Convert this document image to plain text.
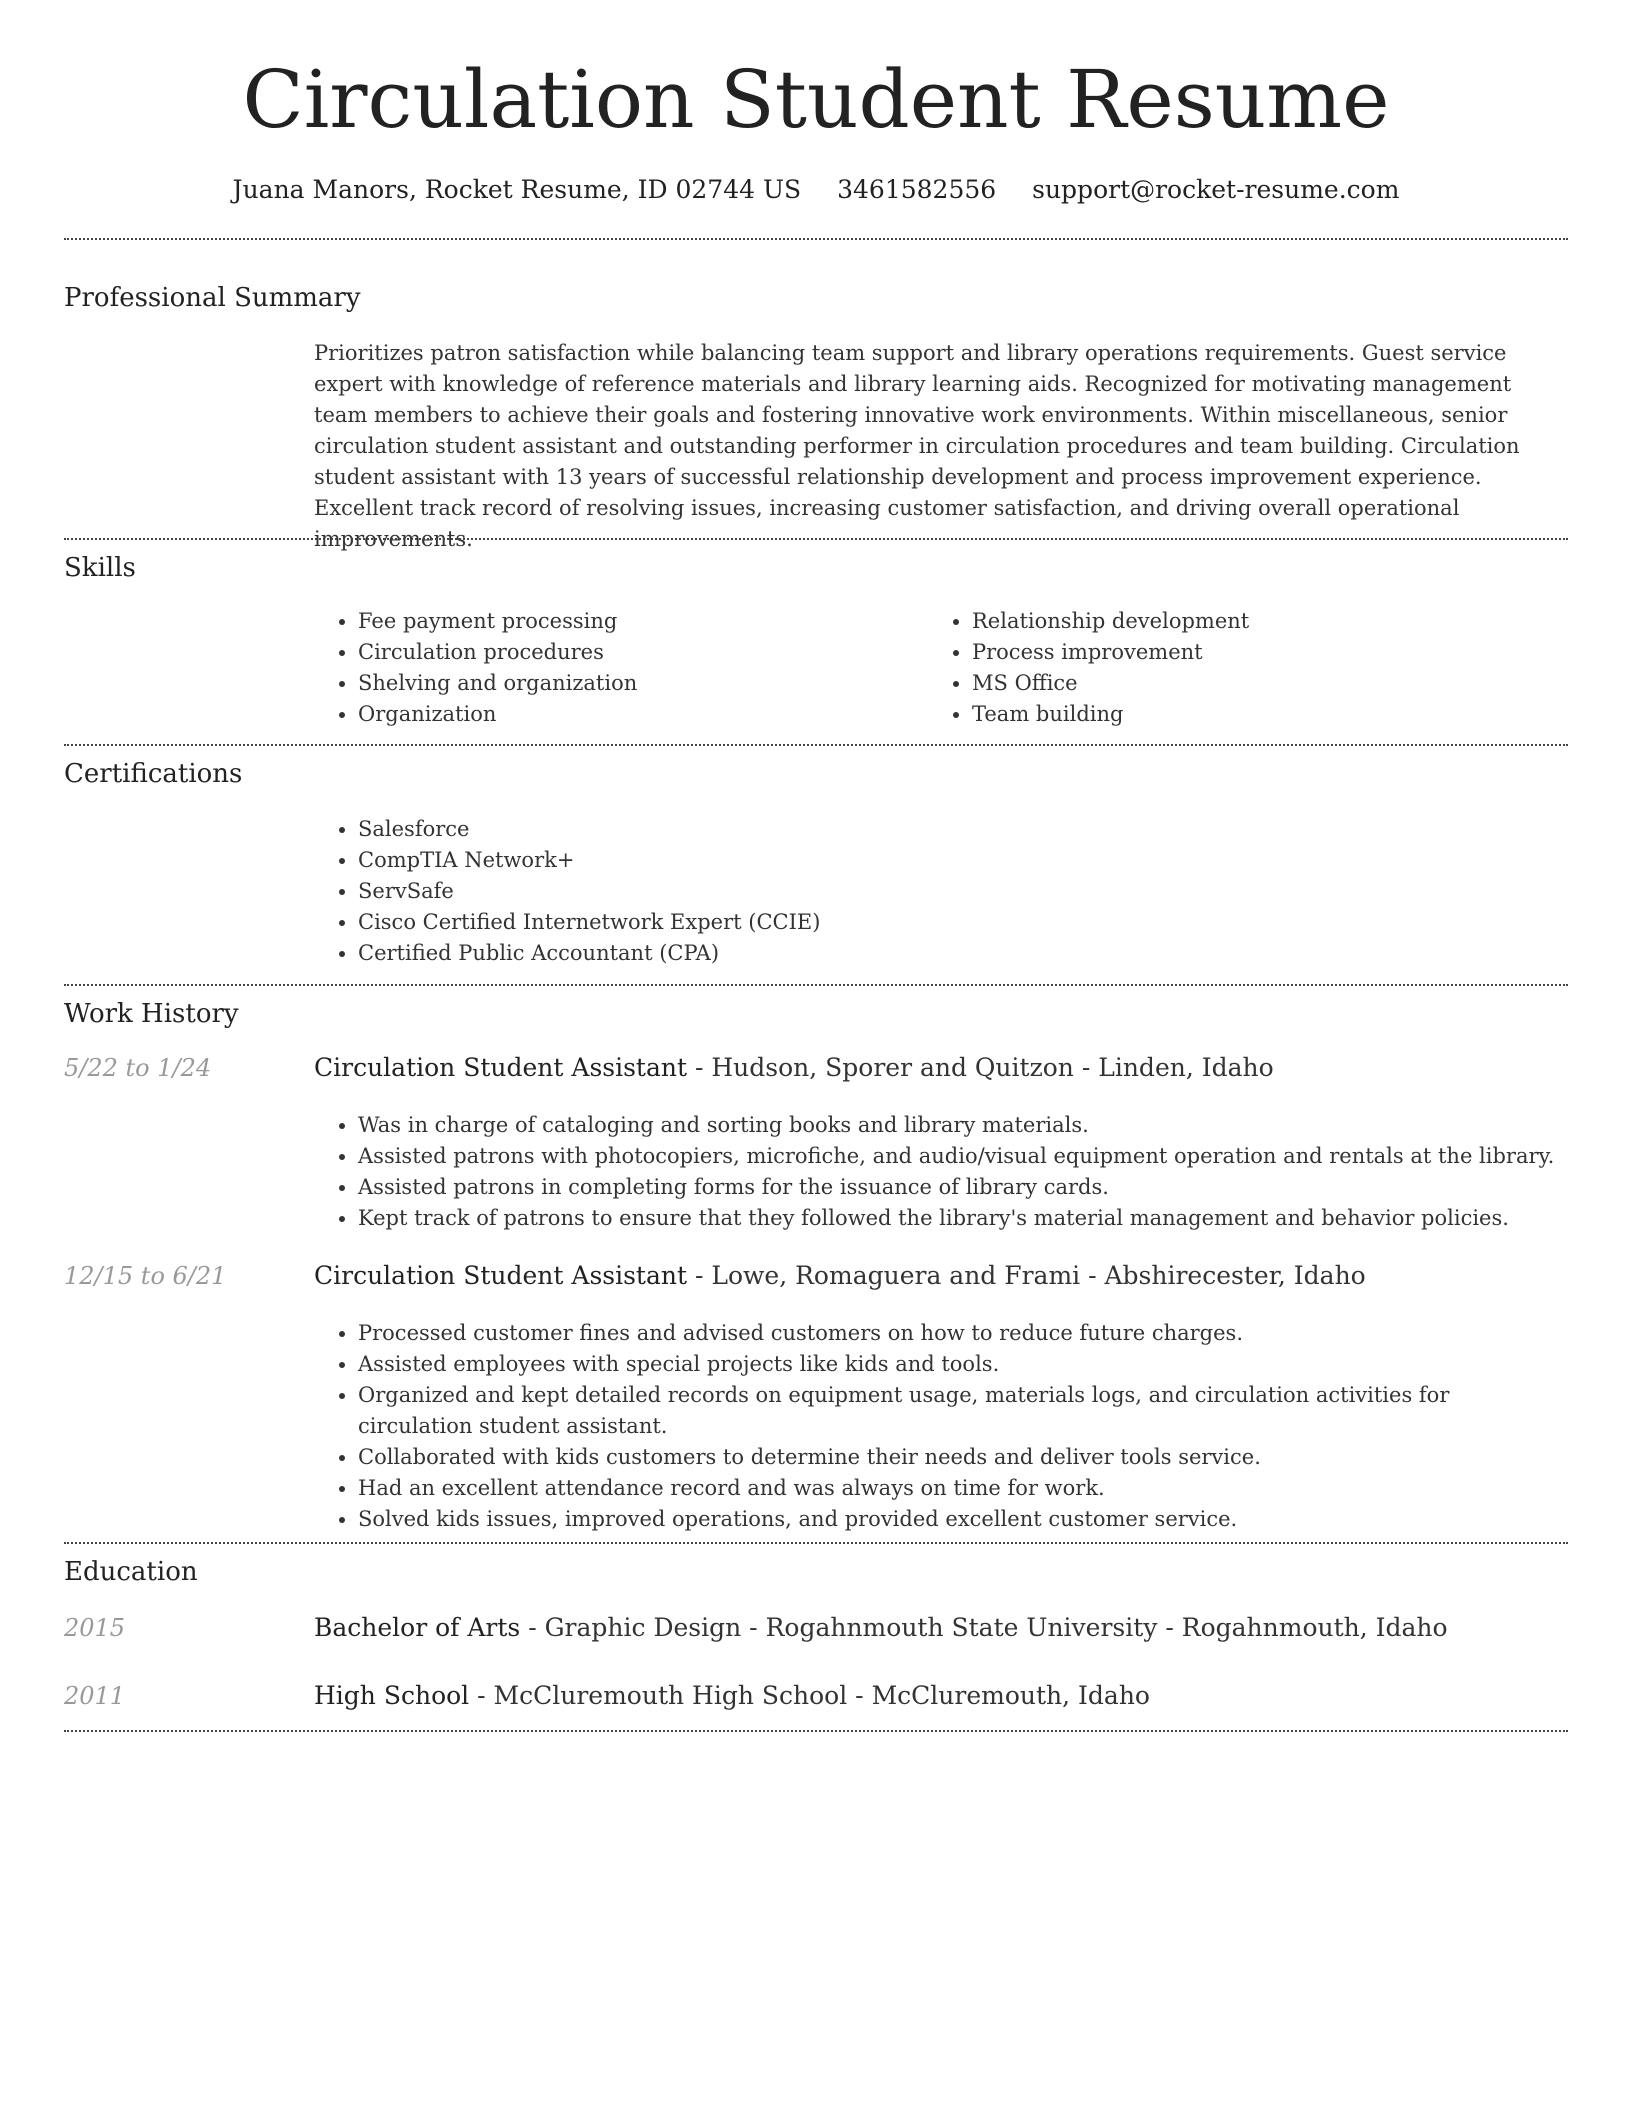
Circulation Student Resume
Juana Manors, Rocket Resume, ID 02744 US 3461582556 support@rocket-resume.com
Professional Summary
Prioritizes patron satisfaction while balancing team support and library operations requirements. Guest service expert with knowledge of reference materials and library learning aids. Recognized for motivating management team members to achieve their goals and fostering innovative work environments. Within miscellaneous, senior circulation student assistant and outstanding performer in circulation procedures and team building. Circulation student assistant with 13 years of successful relationship development and process improvement experience. Excellent track record of resolving issues, increasing customer satisfaction, and driving overall operational improvements.
Skills
• Fee payment processing
• Circulation procedures
• Shelving and organization
• Organization
• Relationship development
• Process improvement
• MS Office
• Team building
Certifications
• Salesforce
• CompTIA Network+
• ServSafe
• Cisco Certified Internetwork Expert (CCIE)
• Certified Public Accountant (CPA)
Work History
5/22 to 1/24	Circulation Student Assistant - Hudson, Sporer and Quitzon - Linden, Idaho
• Was in charge of cataloging and sorting books and library materials.
• Assisted patrons with photocopiers, microfiche, and audio/visual equipment operation and rentals at the library.
• Assisted patrons in completing forms for the issuance of library cards.
• Kept track of patrons to ensure that they followed the library's material management and behavior policies.
12/15 to 6/21	Circulation Student Assistant - Lowe, Romaguera and Frami - Abshirecester, Idaho
• Processed customer fines and advised customers on how to reduce future charges.
• Assisted employees with special projects like kids and tools.
• Organized and kept detailed records on equipment usage, materials logs, and circulation activities for circulation student assistant.
• Collaborated with kids customers to determine their needs and deliver tools service.
• Had an excellent attendance record and was always on time for work.
• Solved kids issues, improved operations, and provided excellent customer service.
Education
2015	Bachelor of Arts - Graphic Design - Rogahnmouth State University - Rogahnmouth, Idaho
2011	High School - McCluremouth High School - McCluremouth, Idaho
